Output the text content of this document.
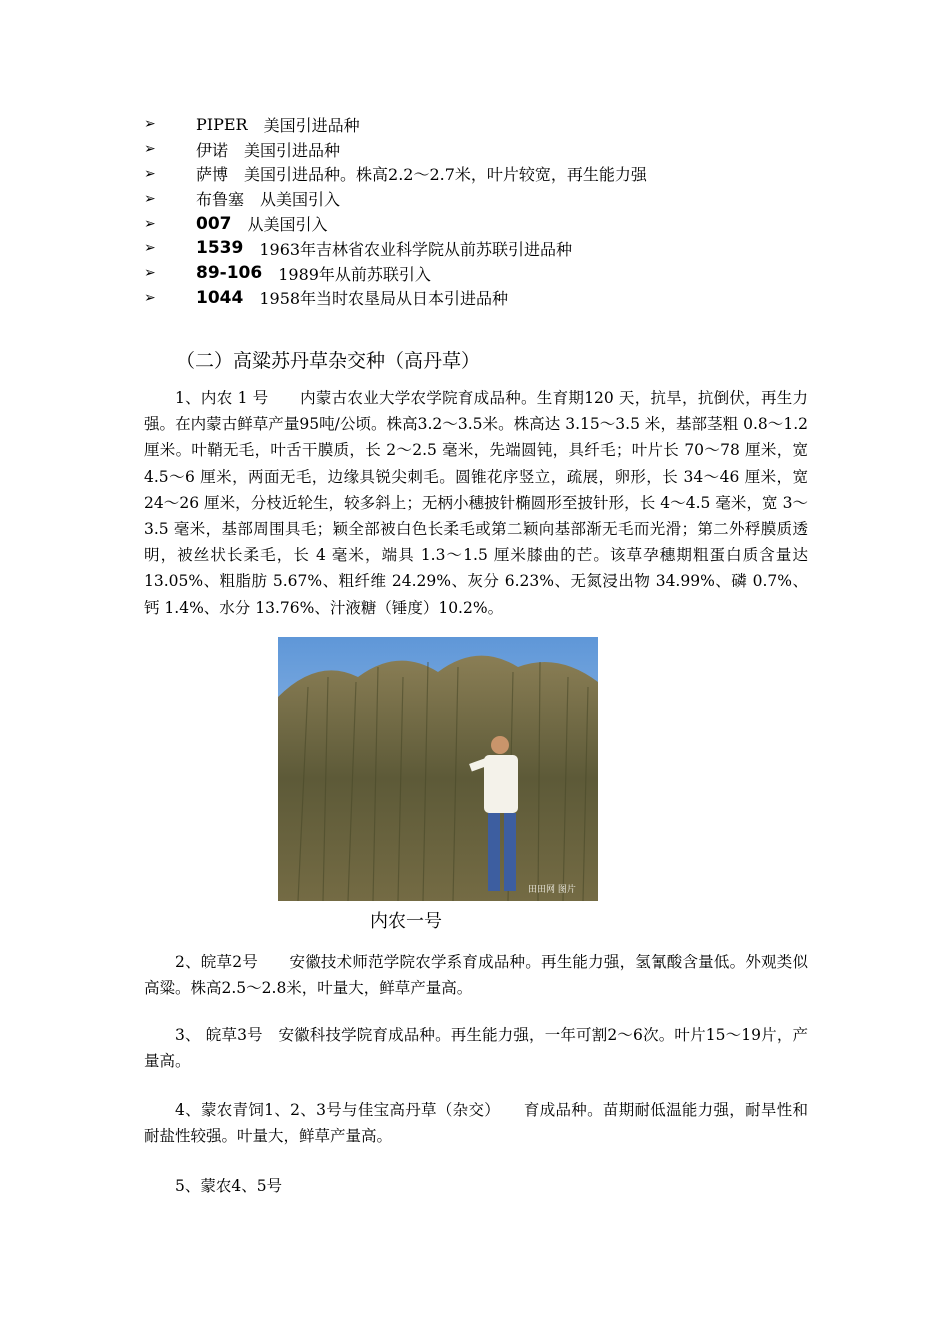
➢	PIPER 美国引进品种
➢	伊诺 美国引进品种
➢	萨博 美国引进品种。株高2.2～2.7米，叶片较宽，再生能力强
➢	布鲁塞 从美国引入
➢	007 从美国引入
➢	1539 1963年吉林省农业科学院从前苏联引进品种
➢	89-106 1989年从前苏联引入
➢	1044 1958年当时农垦局从日本引进品种
（二）高粱苏丹草杂交种（高丹草）

1、内农 1 号　　内蒙古农业大学农学院育成品种。生育期120 天，抗旱，抗倒伏，再生力强。在内蒙古鲜草产量95吨/公顷。株高3.2～3.5米。株高达 3.15～3.5 米，基部茎粗 0.8～1.2 厘米。叶鞘无毛，叶舌干膜质，长 2～2.5 毫米，先端圆钝，具纤毛；叶片长 70～78 厘米，宽 4.5～6 厘米，两面无毛，边缘具锐尖刺毛。圆锥花序竖立，疏展，卵形，长 34～46 厘米，宽 24～26 厘米，分枝近轮生，较多斜上；无柄小穗披针椭圆形至披针形，长 4～4.5 毫米，宽 3～3.5 毫米，基部周围具毛；颖全部被白色长柔毛或第二颖向基部渐无毛而光滑；第二外稃膜质透明，被丝状长柔毛，长 4 毫米，端具 1.3～1.5 厘米膝曲的芒。该草孕穗期粗蛋白质含量达 13.05%、粗脂肪 5.67%、粗纤维 24.29%、灰分 6.23%、无氮浸出物 34.99%、磷 0.7%、钙 1.4%、水分 13.76%、汁液糖（锤度）10.2%。

田田网 图片
内农一号

2、皖草2号　　安徽技术师范学院农学系育成品种。再生能力强，氢氰酸含量低。外观类似高粱。株高2.5～2.8米，叶量大，鲜草产量高。

3、 皖草3号　安徽科技学院育成品种。再生能力强，一年可割2～6次。叶片15～19片，产量高。

4、蒙农青饲1、2、3号与佳宝高丹草（杂交）　　育成品种。苗期耐低温能力强，耐旱性和耐盐性较强。叶量大，鲜草产量高。

5、蒙农4、5号
